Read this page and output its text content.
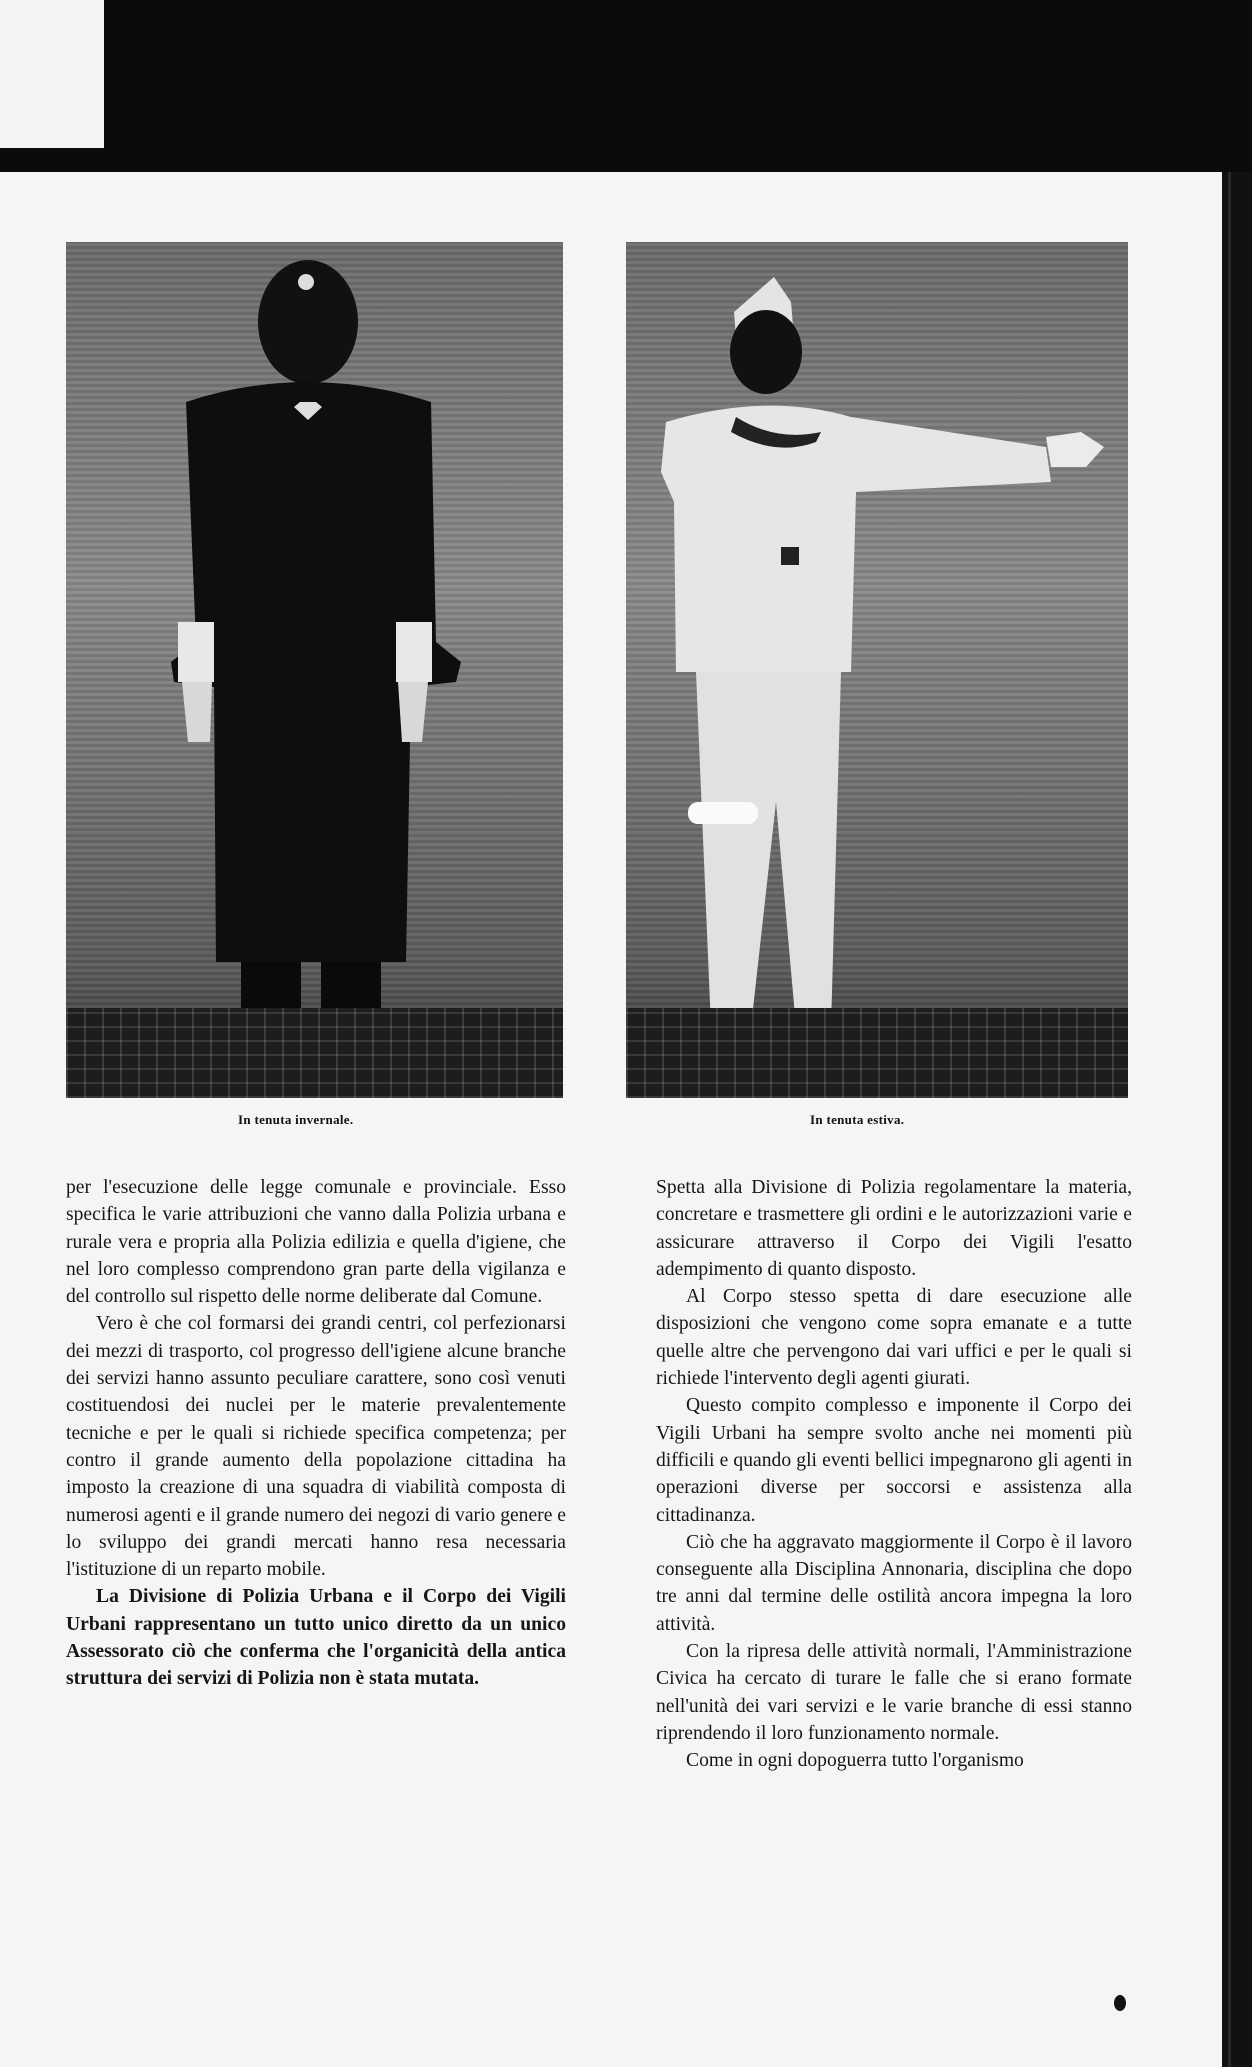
In tenuta invernale.	In tenuta estiva.

per l'esecuzione delle legge comunale e provinciale. Esso specifica le varie attribuzioni che vanno dalla Polizia urbana e rurale vera e propria alla Polizia edilizia e quella d'igiene, che nel loro complesso comprendono gran parte della vigilanza e del controllo sul rispetto delle norme deliberate dal Comune.

Vero è che col formarsi dei grandi centri, col perfezionarsi dei mezzi di trasporto, col progresso dell'igiene alcune branche dei servizi hanno assunto peculiare carattere, sono così venuti costituendosi dei nuclei per le materie prevalentemente tecniche e per le quali si richiede specifica competenza; per contro il grande aumento della popolazione cittadina ha imposto la creazione di una squadra di viabilità composta di numerosi agenti e il grande numero dei negozi di vario genere e lo sviluppo dei grandi mercati hanno resa necessaria l'istituzione di un reparto mobile.

La Divisione di Polizia Urbana e il Corpo dei Vigili Urbani rappresentano un tutto unico diretto da un unico Assessorato ciò che conferma che l'organicità della antica struttura dei servizi di Polizia non è stata mutata.

Spetta alla Divisione di Polizia regolamentare la materia, concretare e trasmettere gli ordini e le autorizzazioni varie e assicurare attraverso il Corpo dei Vigili l'esatto adempimento di quanto disposto.

Al Corpo stesso spetta di dare esecuzione alle disposizioni che vengono come sopra emanate e a tutte quelle altre che pervengono dai vari uffici e per le quali si richiede l'intervento degli agenti giurati.

Questo compito complesso e imponente il Corpo dei Vigili Urbani ha sempre svolto anche nei momenti più difficili e quando gli eventi bellici impegnarono gli agenti in operazioni diverse per soccorsi e assistenza alla cittadinanza.

Ciò che ha aggravato maggiormente il Corpo è il lavoro conseguente alla Disciplina Annonaria, disciplina che dopo tre anni dal termine delle ostilità ancora impegna la loro attività.

Con la ripresa delle attività normali, l'Amministrazione Civica ha cercato di turare le falle che si erano formate nell'unità dei vari servizi e le varie branche di essi stanno riprendendo il loro funzionamento normale.

Come in ogni dopoguerra tutto l'organismo
